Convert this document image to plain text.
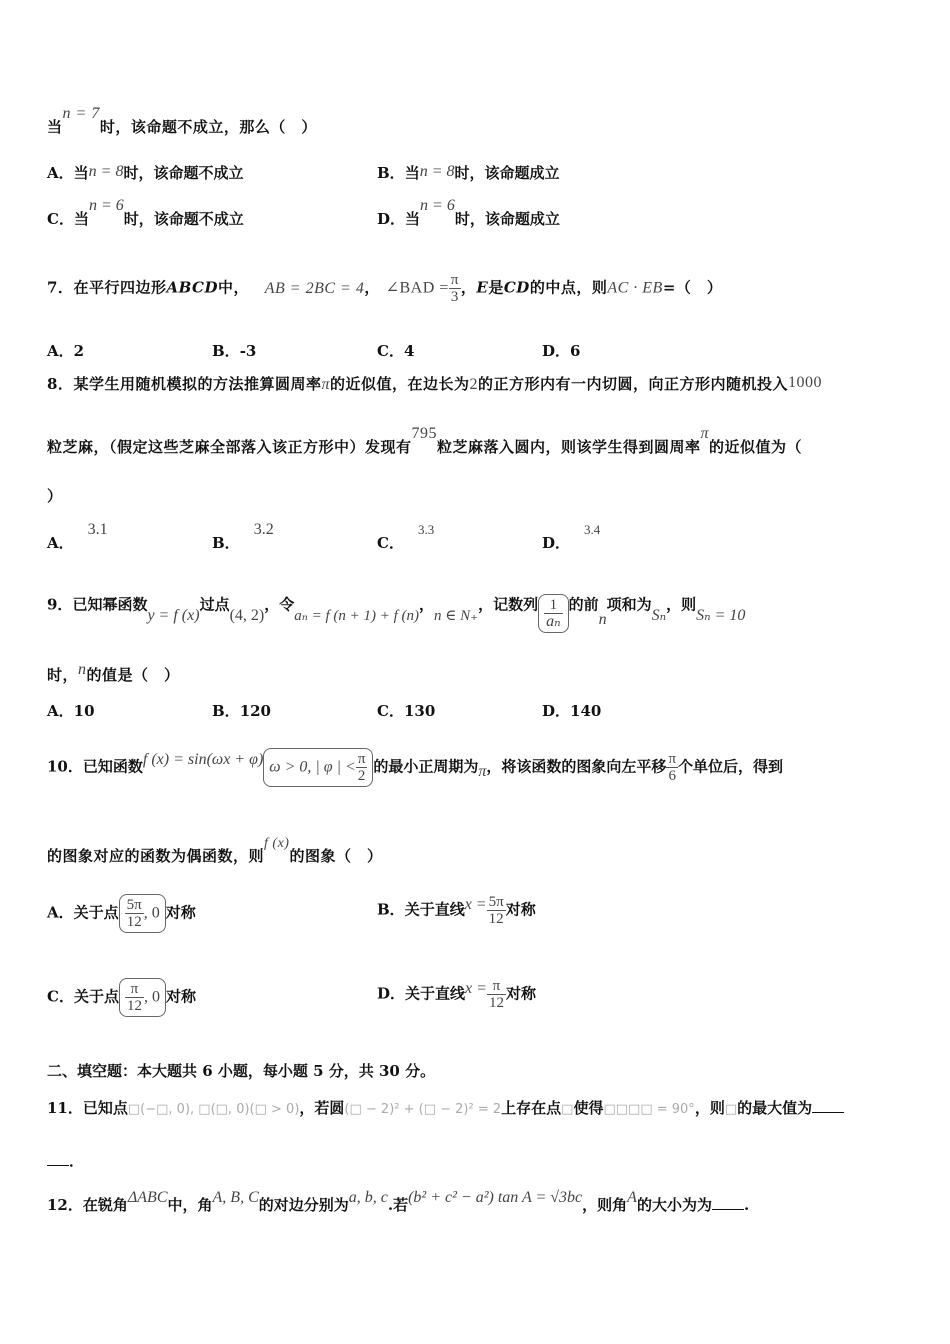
当n = 7时，该命题不成立，那么（　）
A．当n = 8时，该命题不成立	B．当n = 8时，该命题成立
C．当n = 6时，该命题不成立	D．当n = 6时，该命题成立
7．在平行四边形ABCD中， AB = 2BC = 4， ∠BAD = $\frac{\pi}{3}$ ，E是CD的中点，则AC · EB=（　）
A．2	B．-3	C．4	D．6
8．某学生用随机模拟的方法推算圆周率π的近似值，在边长为2的正方形内有一内切圆，向正方形内随机投入1000
粒芝麻，（假定这些芝麻全部落入该正方形中）发现有795粒芝麻落入圆内，则该学生得到圆周率π的近似值为（
）
A．3.1
B．3.2
C．3.3
D．3.4
9．已知幂函数y = f (x)过点(4, 2)，令aₙ = f (n + 1) + f (n)，n ∈ N₊，记数列 $\frac{1}{\text{aₙ}}$ 的前n项和为Sₙ，则Sₙ = 10
时，n的值是（　）
A．10	B．120	C．130	D．140
10．已知函数f (x) = sin(ωx + φ) ω > 0, | φ | < $\frac{\pi}{2}$ 的最小正周期为π，将该函数的图象向左平移 $\frac{\pi}{6}$ 个单位后，得到
的图象对应的函数为偶函数，则f (x)的图象（　）
A．关于点 $\frac{5\pi}{12}$ , 0 对称	B．关于直线$x = \frac{5\pi}{12}$ 对称
C．关于点 $\frac{\pi}{12}$ , 0 对称	D．关于直线$x = \frac{\pi}{12}$ 对称
二、填空题：本大题共 6 小题，每小题 5 分，共 30 分。
11．已知点□(−□, 0), □(□, 0)(□ > 0)，若圆(□ − 2)² + (□ − 2)² = 2上存在点□使得□□□□ = 90°，则□的最大值为
．
12．在锐角ΔABC中，角A, B, C的对边分别为a, b, c.若(b² + c² − a²) tan A = √3bc，则角A的大小为为 .
